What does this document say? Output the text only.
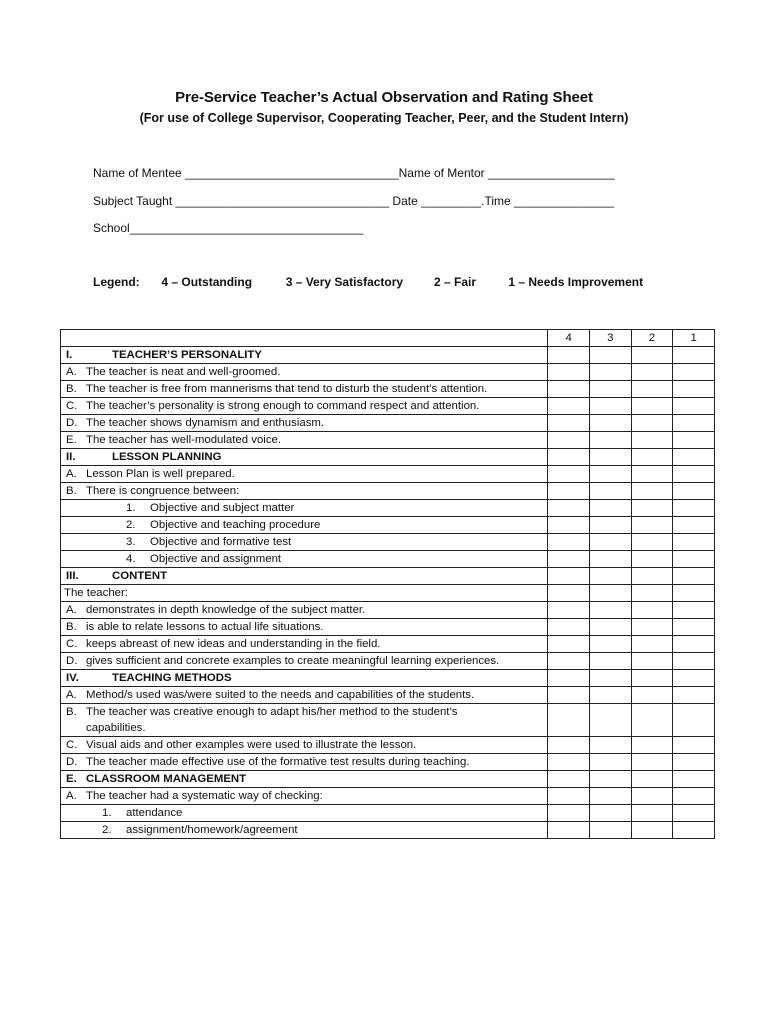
Pre-Service Teacher’s Actual Observation and Rating Sheet
(For use of College Supervisor, Cooperating Teacher, Peer, and the Student Intern)
Name of Mentee ________________________________Name of Mentor ___________________
Subject Taught ________________________________ Date _________.Time _______________
School___________________________________
Legend: 4 – Outstanding	3 – Very Satisfactory	2 – Fair	1 – Needs Improvement
	4	3	2	1
I. TEACHER’S PERSONALITY				
A. The teacher is neat and well-groomed.				
B. The teacher is free from mannerisms that tend to disturb the student’s attention.				
C. The teacher’s personality is strong enough to command respect and attention.				
D. The teacher shows dynamism and enthusiasm.				
E. The teacher has well-modulated voice.				
II. LESSON PLANNING				
A.Lesson Plan is well prepared.				
B. There is congruence between:				
1. Objective and subject matter				
2. Objective and teaching procedure				
3. Objective and formative test				
4. Objective and assignment				
III. CONTENT				
The teacher:				
A. demonstrates in depth knowledge of the subject matter.				
B. is able to relate lessons to actual life situations.				
C. keeps abreast of new ideas and understanding in the field.				
D. gives sufficient and concrete examples to create meaningful learning experiences.				
IV. TEACHING METHODS				
A. Method/s used was/were suited to the needs and capabilities of the students.				
B. The teacher was creative enough to adapt his/her method to the student’s capabilities.				
C. Visual aids and other examples were used to illustrate the lesson.				
D. The teacher made effective use of the formative test results during teaching.				
E. CLASSROOM MANAGEMENT				
A. The teacher had a systematic way of checking:				
1. attendance				
2. assignment/homework/agreement				
